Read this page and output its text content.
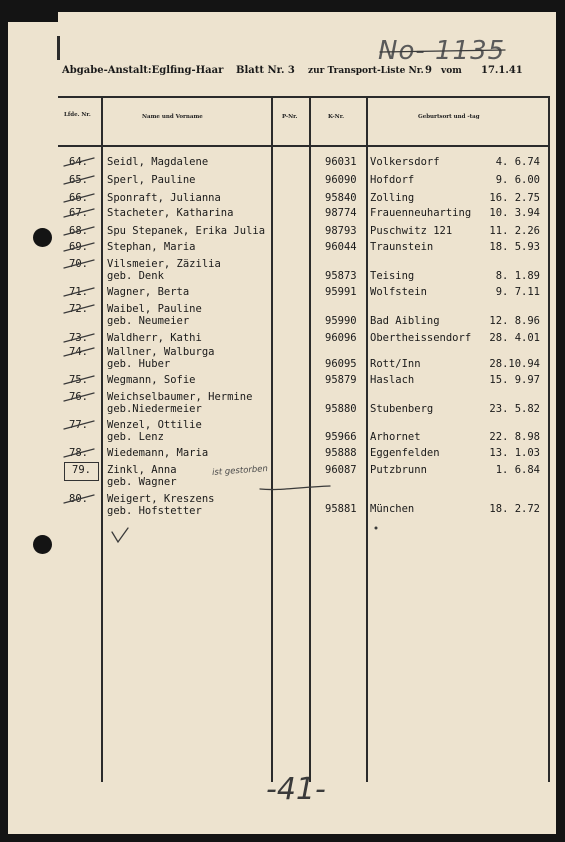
No- 1135
Abgabe-Anstalt:Eglfing-Haar Blatt Nr. 3 zur Transport-Liste Nr. 9 vom 17.1.41
Lfde. Nr.	Name und Vorname	P-Nr.	K-Nr.	Geburtsort und -tag
64. Seidl, Magdalene	96031 Volkersdorf	4. 6.74
65. Sperl, Pauline	96090 Hofdorf	9. 6.00
66. Sponraft, Julianna	95840 Zolling	16. 2.75
67. Stacheter, Katharina	98774 Frauenneuharting 10. 3.94
68. Spu Stepanek, Erika Julia	98793 Puschwitz 121	11. 2.26
69. Stephan, Maria	96044 Traunstein	18. 5.93
70. Vilsmeier, Zäzilia
geb. Denk	95873 Teising	8. 1.89
71. Wagner, Berta	95991 Wolfstein	9. 7.11
72. Waibel, Pauline
geb. Neumeier	95990 Bad Aibling	12. 8.96
73. Waldherr, Kathi	96096 Obertheissendorf 28. 4.01
74. Wallner, Walburga
geb. Huber	96095 Rott/Inn	28.10.94
75. Wegmann, Sofie	95879 Haslach	15. 9.97
76. Weichselbaumer, Hermine
geb.Niedermeier	95880 Stubenberg	23. 5.82
77. Wenzel, Ottilie
geb. Lenz	95966 Arhornet	22. 8.98
78. Wiedemann, Maria	95888 Eggenfelden	13. 1.03
79. Zinkl, Anna
geb. Wagner
96087 Putzbrunn	1. 6.84
80. Weigert, Kreszens
geb. Hofstetter	95881 München	18. 2.72
ist gestorben
-41-
